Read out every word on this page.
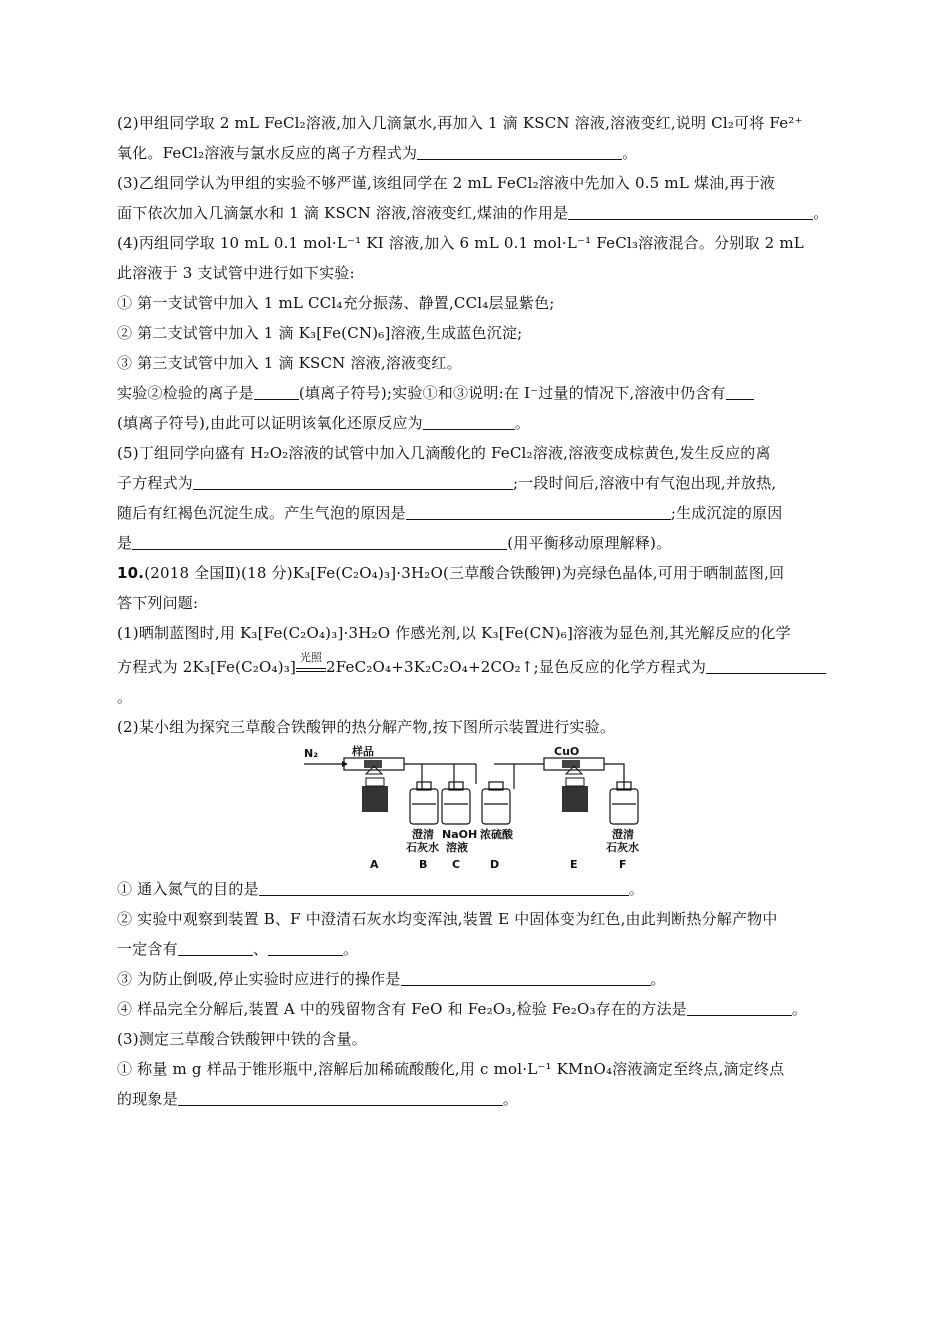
(2)甲组同学取 2 mL FeCl₂溶液,加入几滴氯水,再加入 1 滴 KSCN 溶液,溶液变红,说明 Cl₂可将 Fe²⁺
氧化。FeCl₂溶液与氯水反应的离子方程式为	。
(3)乙组同学认为甲组的实验不够严谨,该组同学在 2 mL FeCl₂溶液中先加入 0.5 mL 煤油,再于液
面下依次加入几滴氯水和 1 滴 KSCN 溶液,溶液变红,煤油的作用是	。
(4)丙组同学取 10 mL 0.1 mol·L⁻¹ KI 溶液,加入 6 mL 0.1 mol·L⁻¹ FeCl₃溶液混合。分别取 2 mL
此溶液于 3 支试管中进行如下实验:
① 第一支试管中加入 1 mL CCl₄充分振荡、静置,CCl₄层显紫色;
② 第二支试管中加入 1 滴 K₃[Fe(CN)₆]溶液,生成蓝色沉淀;
③ 第三支试管中加入 1 滴 KSCN 溶液,溶液变红。
实验②检验的离子是	(填离子符号);实验①和③说明:在 I⁻过量的情况下,溶液中仍含有
(填离子符号),由此可以证明该氧化还原反应为	。
(5)丁组同学向盛有 H₂O₂溶液的试管中加入几滴酸化的 FeCl₂溶液,溶液变成棕黄色,发生反应的离
子方程式为	;一段时间后,溶液中有气泡出现,并放热,
随后有红褐色沉淀生成。产生气泡的原因是	;生成沉淀的原因
是	(用平衡移动原理解释)。
10.(2018 全国Ⅱ)(18 分)K₃[Fe(C₂O₄)₃]·3H₂O(三草酸合铁酸钾)为亮绿色晶体,可用于晒制蓝图,回
答下列问题:
(1)晒制蓝图时,用 K₃[Fe(C₂O₄)₃]·3H₂O 作感光剂,以 K₃[Fe(CN)₆]溶液为显色剂,其光解反应的化学
方程式为 2K₃[Fe(C₂O₄)₃]
光照
2FeC₂O₄+3K₂C₂O₄+2CO₂↑;显色反应的化学方程式为
。
(2)某小组为探究三草酸合铁酸钾的热分解产物,按下图所示装置进行实验。
N₂	样品	CuO
澄清
石灰水
NaOH
溶液
浓硫酸	澄清
石灰水
A	B C	D	E	F
① 通入氮气的目的是	。
② 实验中观察到装置 B、F 中澄清石灰水均变浑浊,装置 E 中固体变为红色,由此判断热分解产物中
一定含有	、	。
③ 为防止倒吸,停止实验时应进行的操作是	。
④ 样品完全分解后,装置 A 中的残留物含有 FeO 和 Fe₂O₃,检验 Fe₂O₃存在的方法是	。
(3)测定三草酸合铁酸钾中铁的含量。
① 称量 m g 样品于锥形瓶中,溶解后加稀硫酸酸化,用 c mol·L⁻¹ KMnO₄溶液滴定至终点,滴定终点
的现象是	。
